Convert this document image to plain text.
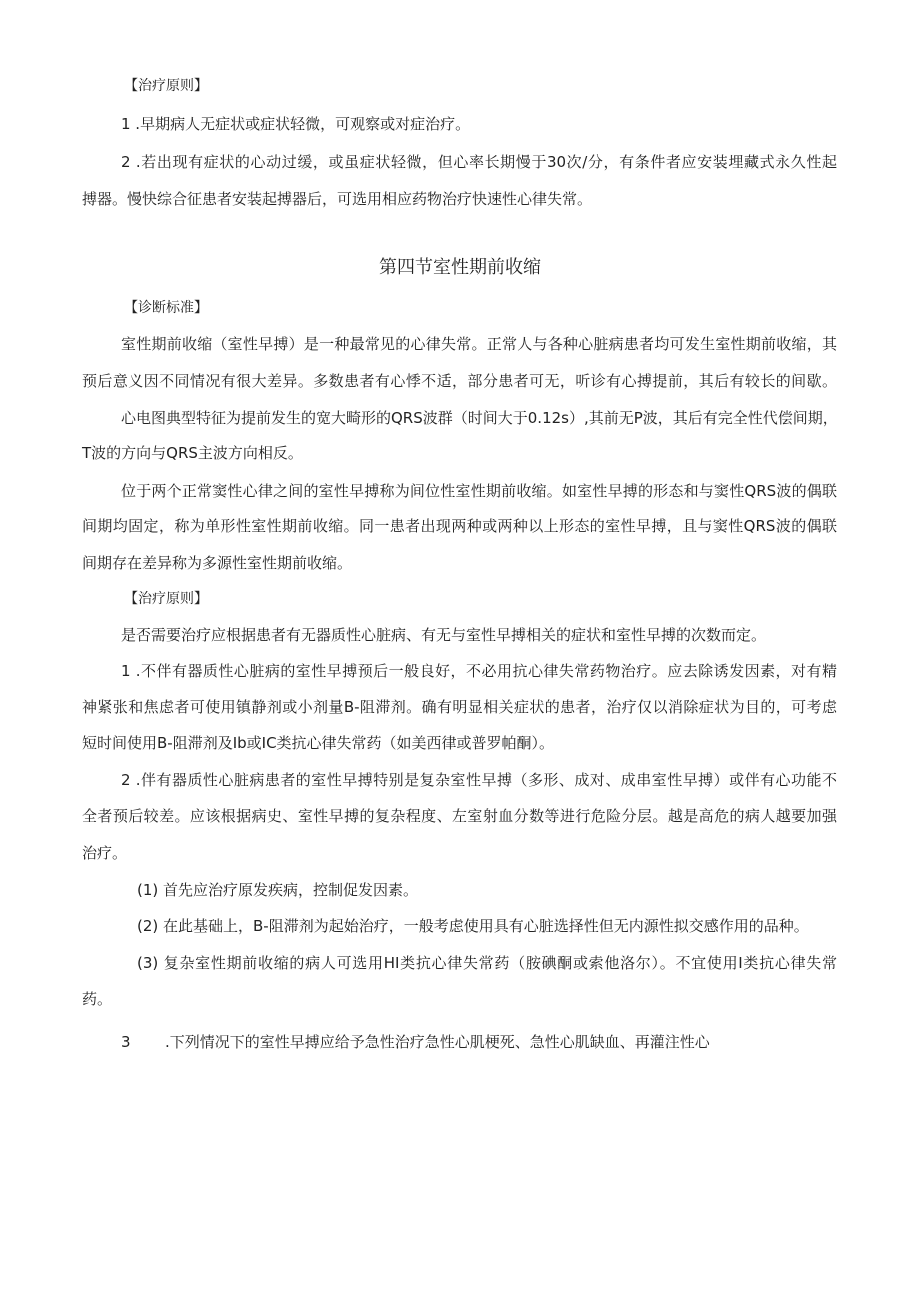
【治疗原则】
1 .早期病人无症状或症状轻微，可观察或对症治疗。
2 .若出现有症状的心动过缓，或虽症状轻微，但心率长期慢于30次/分，有条件者应安装埋藏式永久性起
搏器。慢快综合征患者安装起搏器后，可选用相应药物治疗快速性心律失常。
第四节室性期前收缩
【诊断标准】
室性期前收缩（室性早搏）是一种最常见的心律失常。正常人与各种心脏病患者均可发生室性期前收缩，其
预后意义因不同情况有很大差异。多数患者有心悸不适，部分患者可无，听诊有心搏提前，其后有较长的间歇。
心电图典型特征为提前发生的宽大畸形的QRS波群（时间大于0.12s）,其前无P波，其后有完全性代偿间期，
T波的方向与QRS主波方向相反。
位于两个正常窦性心律之间的室性早搏称为间位性室性期前收缩。如室性早搏的形态和与窦性QRS波的偶联
间期均固定，称为单形性室性期前收缩。同一患者出现两种或两种以上形态的室性早搏，且与窦性QRS波的偶联
间期存在差异称为多源性室性期前收缩。
【治疗原则】
是否需要治疗应根据患者有无器质性心脏病、有无与室性早搏相关的症状和室性早搏的次数而定。
1 .不伴有器质性心脏病的室性早搏预后一般良好，不必用抗心律失常药物治疗。应去除诱发因素，对有精
神紧张和焦虑者可使用镇静剂或小剂量B-阻滞剂。确有明显相关症状的患者，治疗仅以消除症状为目的，可考虑
短时间使用B-阻滞剂及Ib或IC类抗心律失常药（如美西律或普罗帕酮）。
2 .伴有器质性心脏病患者的室性早搏特别是复杂室性早搏（多形、成对、成串室性早搏）或伴有心功能不
全者预后较差。应该根据病史、室性早搏的复杂程度、左室射血分数等进行危险分层。越是高危的病人越要加强
治疗。
(1) 首先应治疗原发疾病，控制促发因素。
(2) 在此基础上，B-阻滞剂为起始治疗，一般考虑使用具有心脏选择性但无内源性拟交感作用的品种。
(3) 复杂室性期前收缩的病人可选用HI类抗心律失常药（胺碘酮或索他洛尔）。不宜使用I类抗心律失常
药。
3 .下列情况下的室性早搏应给予急性治疗急性心肌梗死、急性心肌缺血、再灌注性心
